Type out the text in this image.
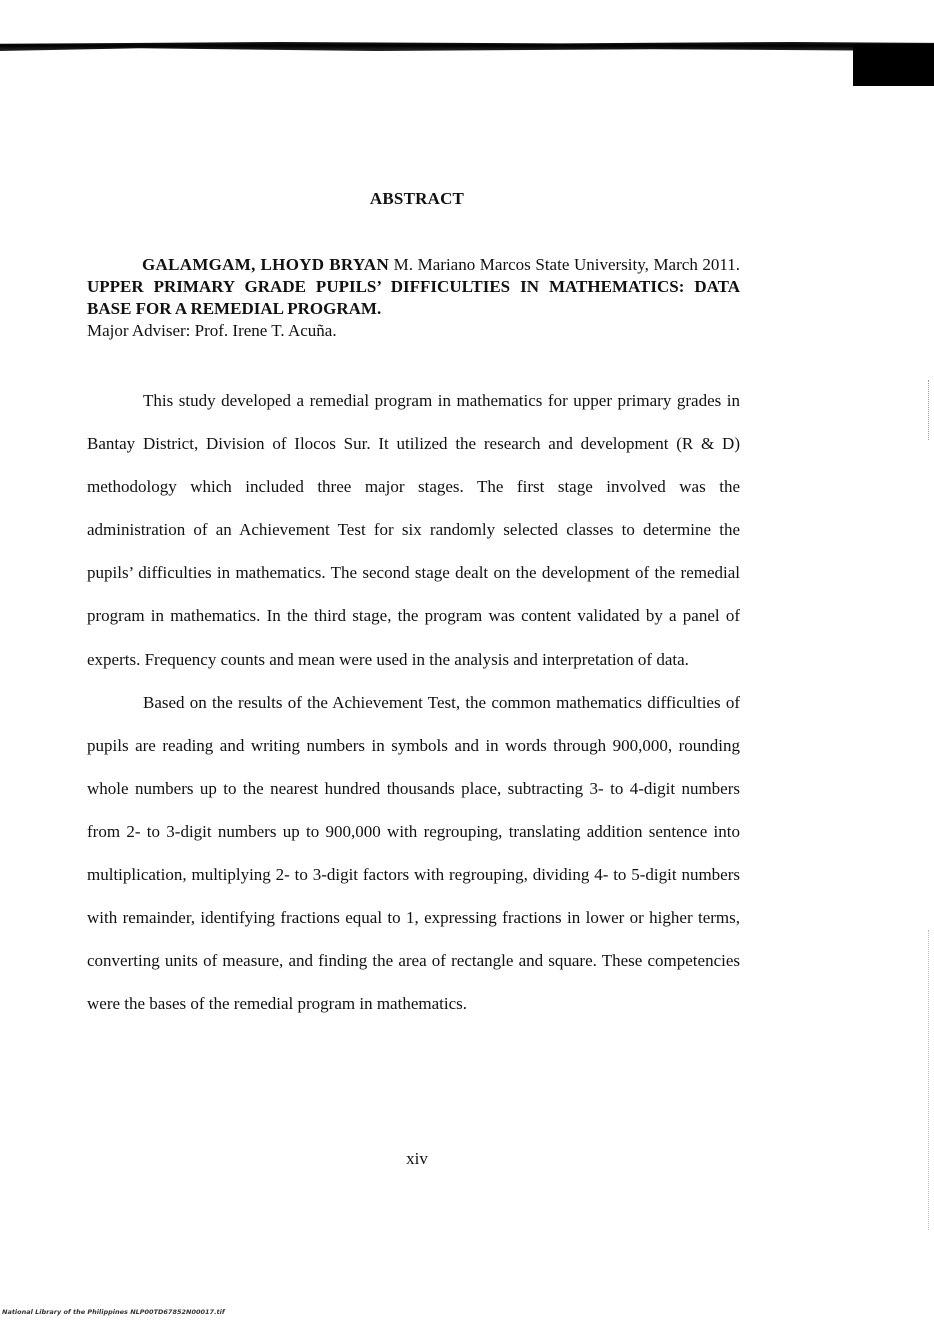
ABSTRACT
GALAMGAM, LHOYD BRYAN M. Mariano Marcos State University, March 2011. UPPER PRIMARY GRADE PUPILS’ DIFFICULTIES IN MATHEMATICS: DATA BASE FOR A REMEDIAL PROGRAM.
Major Adviser: Prof. Irene T. Acuña.

This study developed a remedial program in mathematics for upper primary grades in Bantay District, Division of Ilocos Sur. It utilized the research and development (R & D) methodology which included three major stages. The first stage involved was the administration of an Achievement Test for six randomly selected classes to determine the pupils’ difficulties in mathematics. The second stage dealt on the development of the remedial program in mathematics. In the third stage, the program was content validated by a panel of experts. Frequency counts and mean were used in the analysis and interpretation of data.

Based on the results of the Achievement Test, the common mathematics difficulties of pupils are reading and writing numbers in symbols and in words through 900,000, rounding whole numbers up to the nearest hundred thousands place, subtracting 3- to 4-digit numbers from 2- to 3-digit numbers up to 900,000 with regrouping, translating addition sentence into multiplication, multiplying 2- to 3-digit factors with regrouping, dividing 4- to 5-digit numbers with remainder, identifying fractions equal to 1, expressing fractions in lower or higher terms, converting units of measure, and finding the area of rectangle and square. These competencies were the bases of the remedial program in mathematics.

xiv
National Library of the Philippines NLP00TD67852N00017.tif
